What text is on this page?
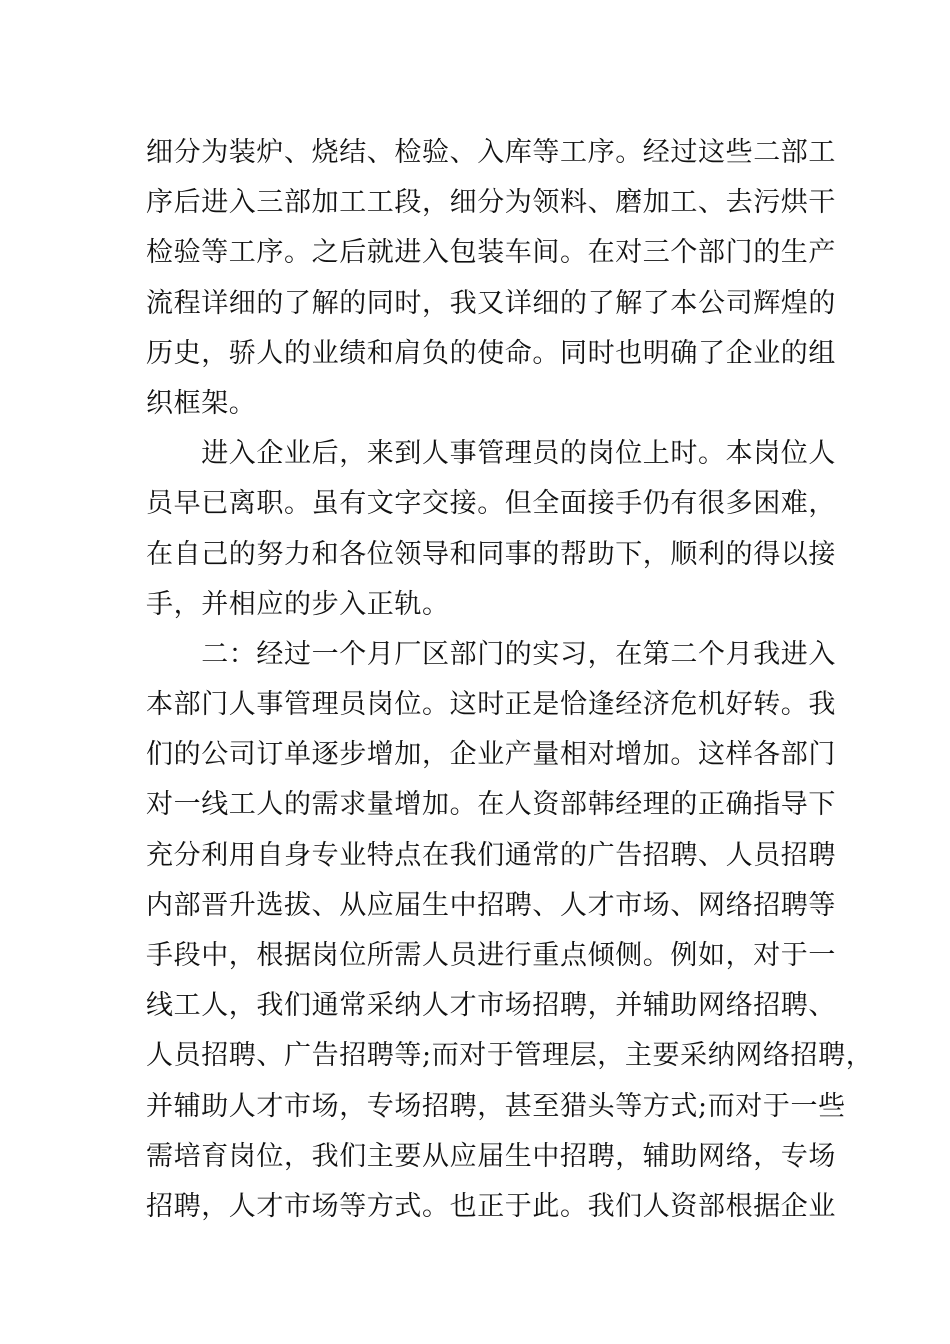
细分为装炉、烧结、检验、入库等工序。经过这些二部工
序后进入三部加工工段，细分为领料、磨加工、去污烘干
检验等工序。之后就进入包装车间。在对三个部门的生产
流程详细的了解的同时，我又详细的了解了本公司辉煌的
历史，骄人的业绩和肩负的使命。同时也明确了企业的组
织框架。
　　进入企业后，来到人事管理员的岗位上时。本岗位人
员早已离职。虽有文字交接。但全面接手仍有很多困难，
在自己的努力和各位领导和同事的帮助下，顺利的得以接
手，并相应的步入正轨。
　　二：经过一个月厂区部门的实习，在第二个月我进入
本部门人事管理员岗位。这时正是恰逢经济危机好转。我
们的公司订单逐步增加，企业产量相对增加。这样各部门
对一线工人的需求量增加。在人资部韩经理的正确指导下
充分利用自身专业特点在我们通常的广告招聘、人员招聘
内部晋升选拔、从应届生中招聘、人才市场、网络招聘等
手段中，根据岗位所需人员进行重点倾侧。例如，对于一
线工人，我们通常采纳人才市场招聘，并辅助网络招聘、
人员招聘、广告招聘等;而对于管理层，主要采纳网络招聘，
并辅助人才市场，专场招聘，甚至猎头等方式;而对于一些
需培育岗位，我们主要从应届生中招聘，辅助网络，专场
招聘，人才市场等方式。也正于此。我们人资部根据企业
